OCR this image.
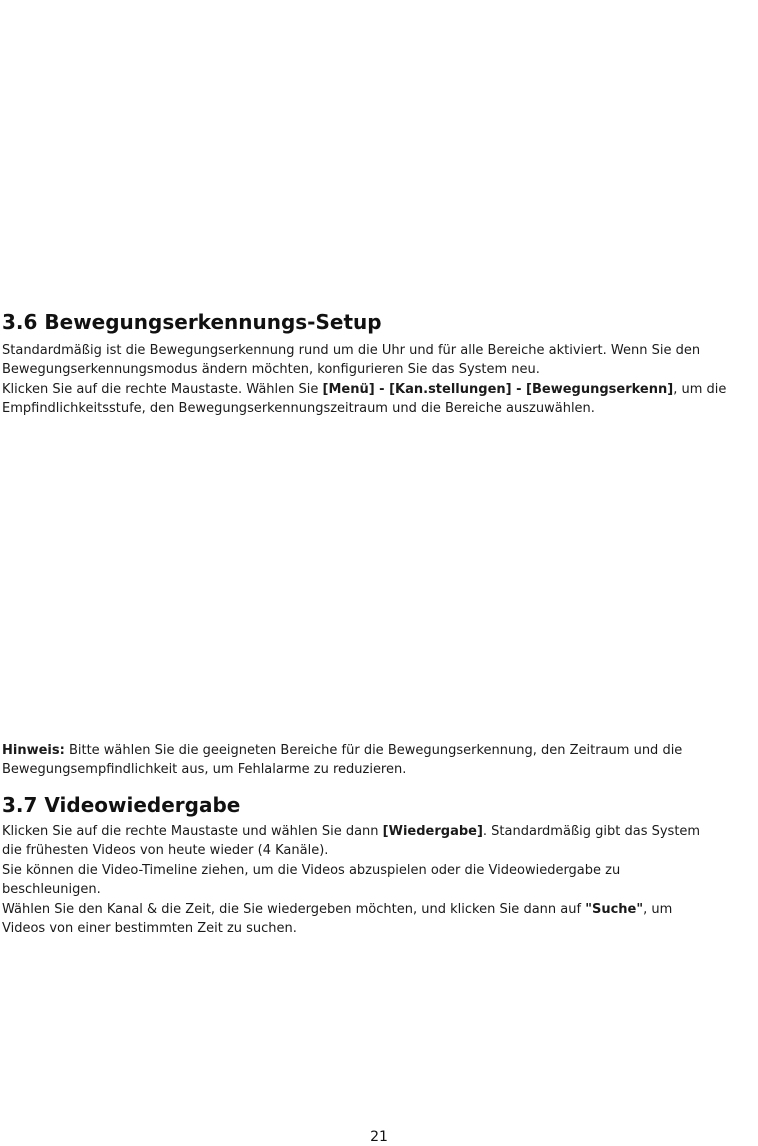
3.6 Bewegungserkennungs-Setup
Standardmäßig ist die Bewegungserkennung rund um die Uhr und für alle Bereiche aktiviert. Wenn Sie den
Bewegungserkennungsmodus ändern möchten, konfigurieren Sie das System neu.
Klicken Sie auf die rechte Maustaste. Wählen Sie [Menü] - [Kan.stellungen] - [Bewegungserkenn], um die
Empfindlichkeitsstufe, den Bewegungserkennungszeitraum und die Bereiche auszuwählen.
Hinweis: Bitte wählen Sie die geeigneten Bereiche für die Bewegungserkennung, den Zeitraum und die
Bewegungsempfindlichkeit aus, um Fehlalarme zu reduzieren.
3.7 Videowiedergabe
Klicken Sie auf die rechte Maustaste und wählen Sie dann [Wiedergabe]. Standardmäßig gibt das System
die frühesten Videos von heute wieder (4 Kanäle).
Sie können die Video-Timeline ziehen, um die Videos abzuspielen oder die Videowiedergabe zu
beschleunigen.
Wählen Sie den Kanal & die Zeit, die Sie wiedergeben möchten, und klicken Sie dann auf "Suche", um
Videos von einer bestimmten Zeit zu suchen.
21
